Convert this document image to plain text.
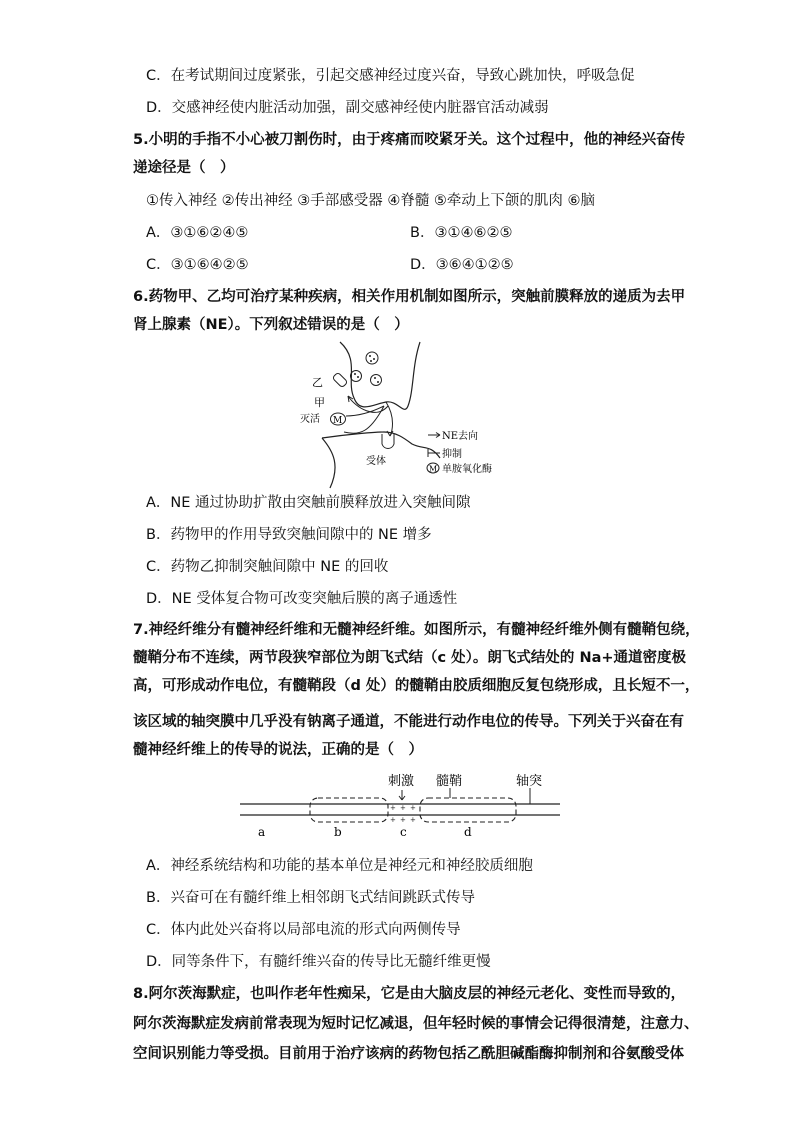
C．在考试期间过度紧张，引起交感神经过度兴奋，导致心跳加快，呼吸急促
D．交感神经使内脏活动加强，副交感神经使内脏器官活动减弱
5.小明的手指不小心被刀割伤时，由于疼痛而咬紧牙关。这个过程中，他的神经兴奋传
递途径是（　）
①传入神经 ②传出神经 ③手部感受器 ④脊髓 ⑤牵动上下颌的肌肉 ⑥脑
A．③①⑥②④⑤	B．③①④⑥②⑤
C．③①⑥④②⑤	D．③⑥④①②⑤
6.药物甲、乙均可治疗某种疾病，相关作用机制如图所示，突触前膜释放的递质为去甲
肾上腺素（NE）。下列叙述错误的是（　）
乙
甲
灭活 M
受体
NE去向
抑制
M 单胺氧化酶
A．NE 通过协助扩散由突触前膜释放进入突触间隙
B．药物甲的作用导致突触间隙中的 NE 增多
C．药物乙抑制突触间隙中 NE 的回收
D．NE 受体复合物可改变突触后膜的离子通透性
7.神经纤维分有髓神经纤维和无髓神经纤维。如图所示，有髓神经纤维外侧有髓鞘包绕，
髓鞘分布不连续，两节段狭窄部位为朗飞式结（c 处）。朗飞式结处的 Na+通道密度极
高，可形成动作电位，有髓鞘段（d 处）的髓鞘由胶质细胞反复包绕形成，且长短不一，
该区域的轴突膜中几乎没有钠离子通道，不能进行动作电位的传导。下列关于兴奋在有
髓神经纤维上的传导的说法，正确的是（　）
+ + +
+ + +
刺激 髓鞘	轴突
a	b	c	d
A．神经系统结构和功能的基本单位是神经元和神经胶质细胞
B．兴奋可在有髓纤维上相邻朗飞式结间跳跃式传导
C．体内此处兴奋将以局部电流的形式向两侧传导
D．同等条件下，有髓纤维兴奋的传导比无髓纤维更慢
8.阿尔茨海默症，也叫作老年性痴呆，它是由大脑皮层的神经元老化、变性而导致的，
阿尔茨海默症发病前常表现为短时记忆减退，但年轻时候的事情会记得很清楚，注意力、
空间识别能力等受损。目前用于治疗该病的药物包括乙酰胆碱酯酶抑制剂和谷氨酸受体
